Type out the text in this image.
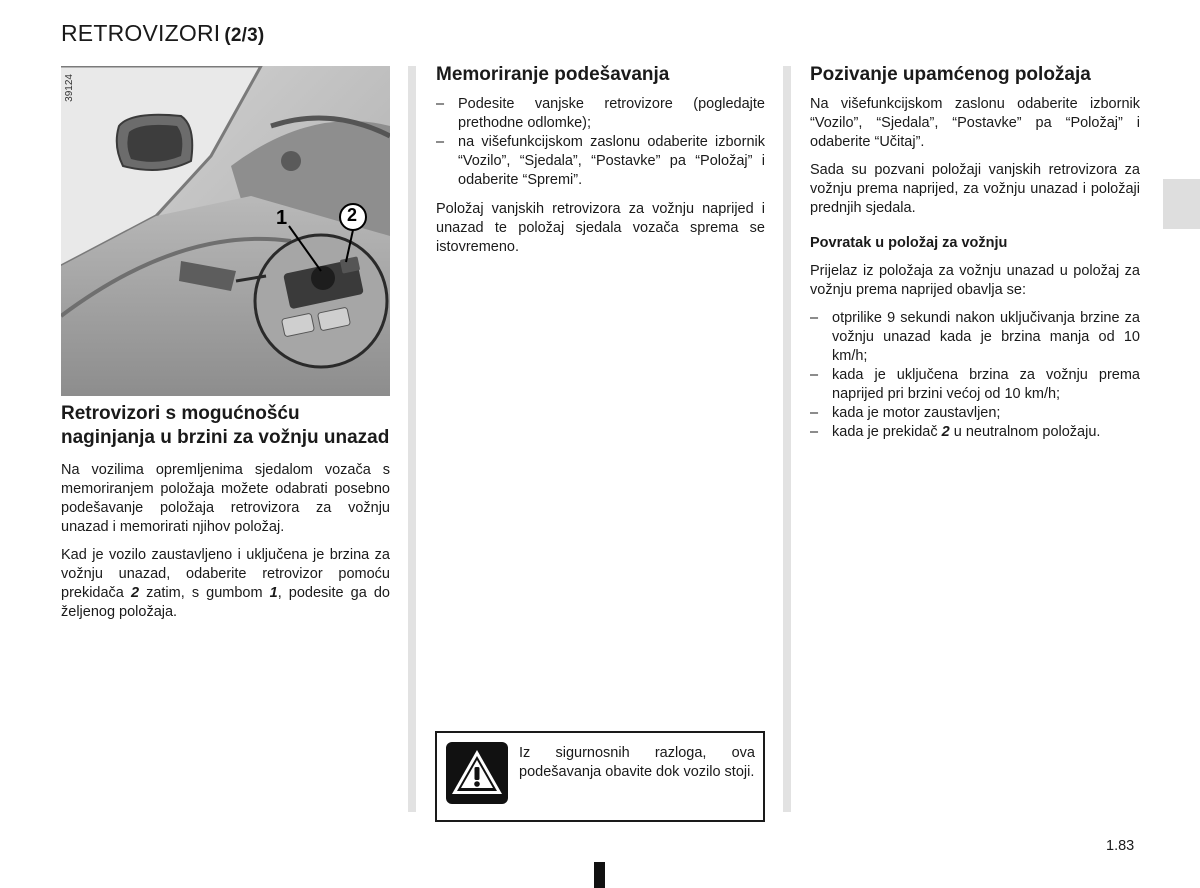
RETROVIZORI (2/3)
39124
1	2
Retrovizori s mogućnošću naginjanja u brzini za vožnju unazad

Na vozilima opremljenima sjedalom vozača s memoriranjem položaja možete odabrati posebno podešavanje položaja retrovizora za vožnju unazad i memorirati njihov položaj.

Kad je vozilo zaustavljeno i uključena je brzina za vožnju unazad, odaberite retrovizor pomoću prekidača 2 zatim, s gumbom 1, podesite ga do željenog položaja.

Memoriranje podešavanja
– Podesite vanjske retrovizore (pogledajte prethodne odlomke);
– na višefunkcijskom zaslonu odaberite izbornik “Vozilo”, “Sjedala”, “Postavke” pa “Položaj” i odaberite “Spremi”.

Položaj vanjskih retrovizora za vožnju naprijed i unazad te položaj sjedala vozača sprema se istovremeno.

Pozivanje upamćenog položaja

Na višefunkcijskom zaslonu odaberite izbornik “Vozilo”, “Sjedala”, “Postavke” pa “Položaj” i odaberite “Učitaj”.

Sada su pozvani položaji vanjskih retrovizora za vožnju prema naprijed, za vožnju unazad i položaji prednjih sjedala.

Povratak u položaj za vožnju

Prijelaz iz položaja za vožnju unazad u položaj za vožnju prema naprijed obavlja se:

– otprilike 9 sekundi nakon uključivanja brzine za vožnju unazad kada je brzina manja od 10 km/h;
– kada je uključena brzina za vožnju prema naprijed pri brzini većoj od 10 km/h;
– kada je motor zaustavljen;
– kada je prekidač 2 u neutralnom položaju.

Iz sigurnosnih razloga, ova podešavanja obavite dok vozilo stoji.

1.83
